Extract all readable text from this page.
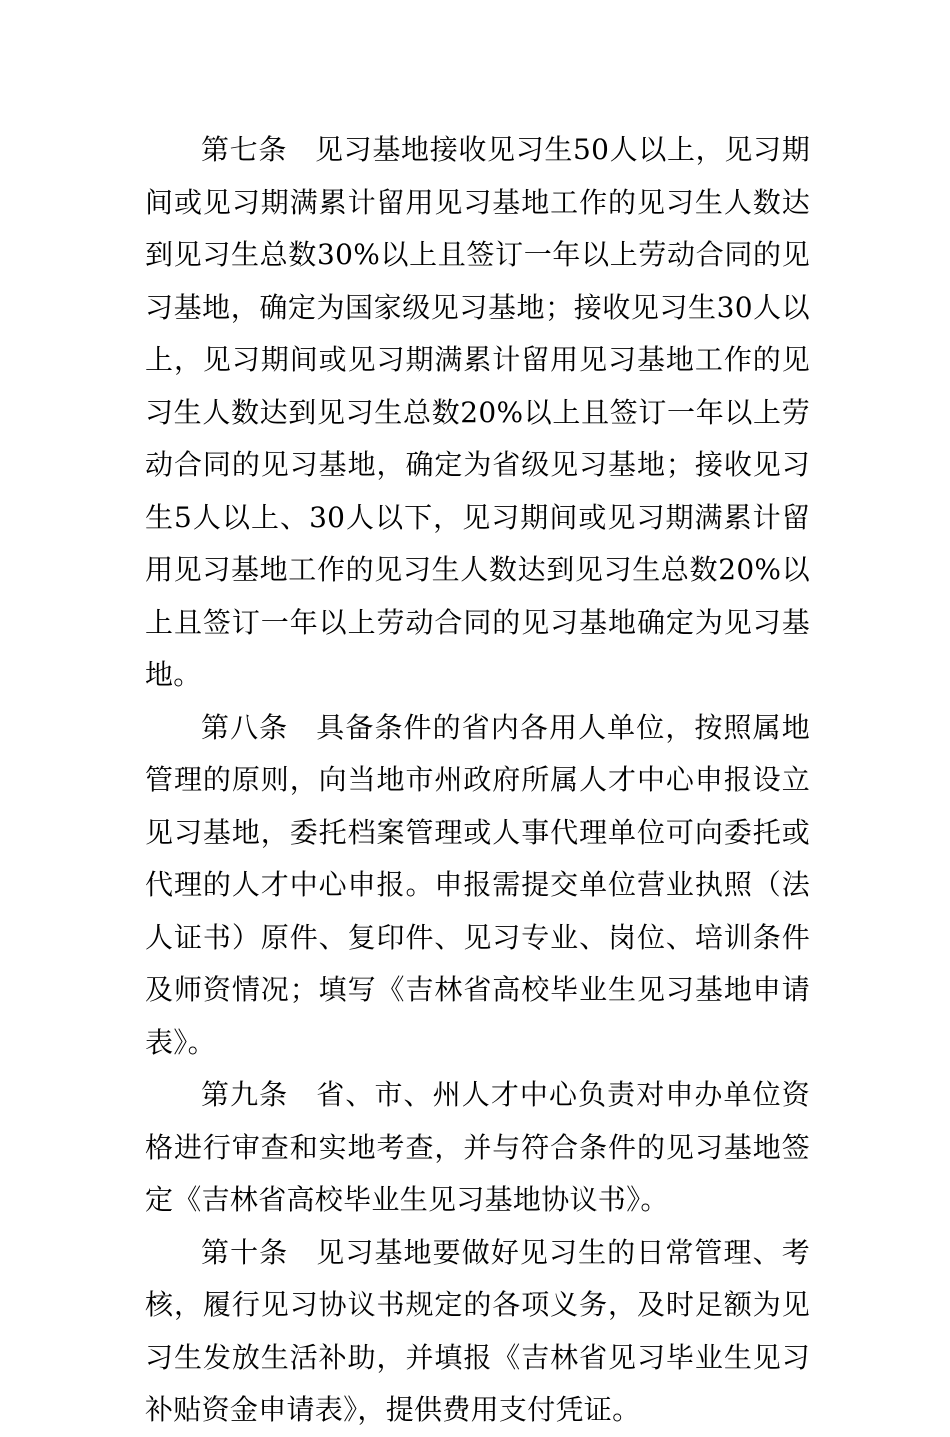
第七条 见习基地接收见习生50人以上，见习期间或见习期满累计留用见习基地工作的见习生人数达到见习生总数30%以上且签订一年以上劳动合同的见习基地，确定为国家级见习基地；接收见习生30人以上，见习期间或见习期满累计留用见习基地工作的见习生人数达到见习生总数20%以上且签订一年以上劳动合同的见习基地，确定为省级见习基地；接收见习生5人以上、30人以下，见习期间或见习期满累计留用见习基地工作的见习生人数达到见习生总数20%以上且签订一年以上劳动合同的见习基地确定为见习基地。

第八条 具备条件的省内各用人单位，按照属地管理的原则，向当地市州政府所属人才中心申报设立见习基地，委托档案管理或人事代理单位可向委托或代理的人才中心申报。申报需提交单位营业执照（法人证书）原件、复印件、见习专业、岗位、培训条件及师资情况；填写《吉林省高校毕业生见习基地申请表》。

第九条 省、市、州人才中心负责对申办单位资格进行审查和实地考查，并与符合条件的见习基地签定《吉林省高校毕业生见习基地协议书》。

第十条 见习基地要做好见习生的日常管理、考核，履行见习协议书规定的各项义务，及时足额为见习生发放生活补助，并填报《吉林省见习毕业生见习补贴资金申请表》，提供费用支付凭证。
